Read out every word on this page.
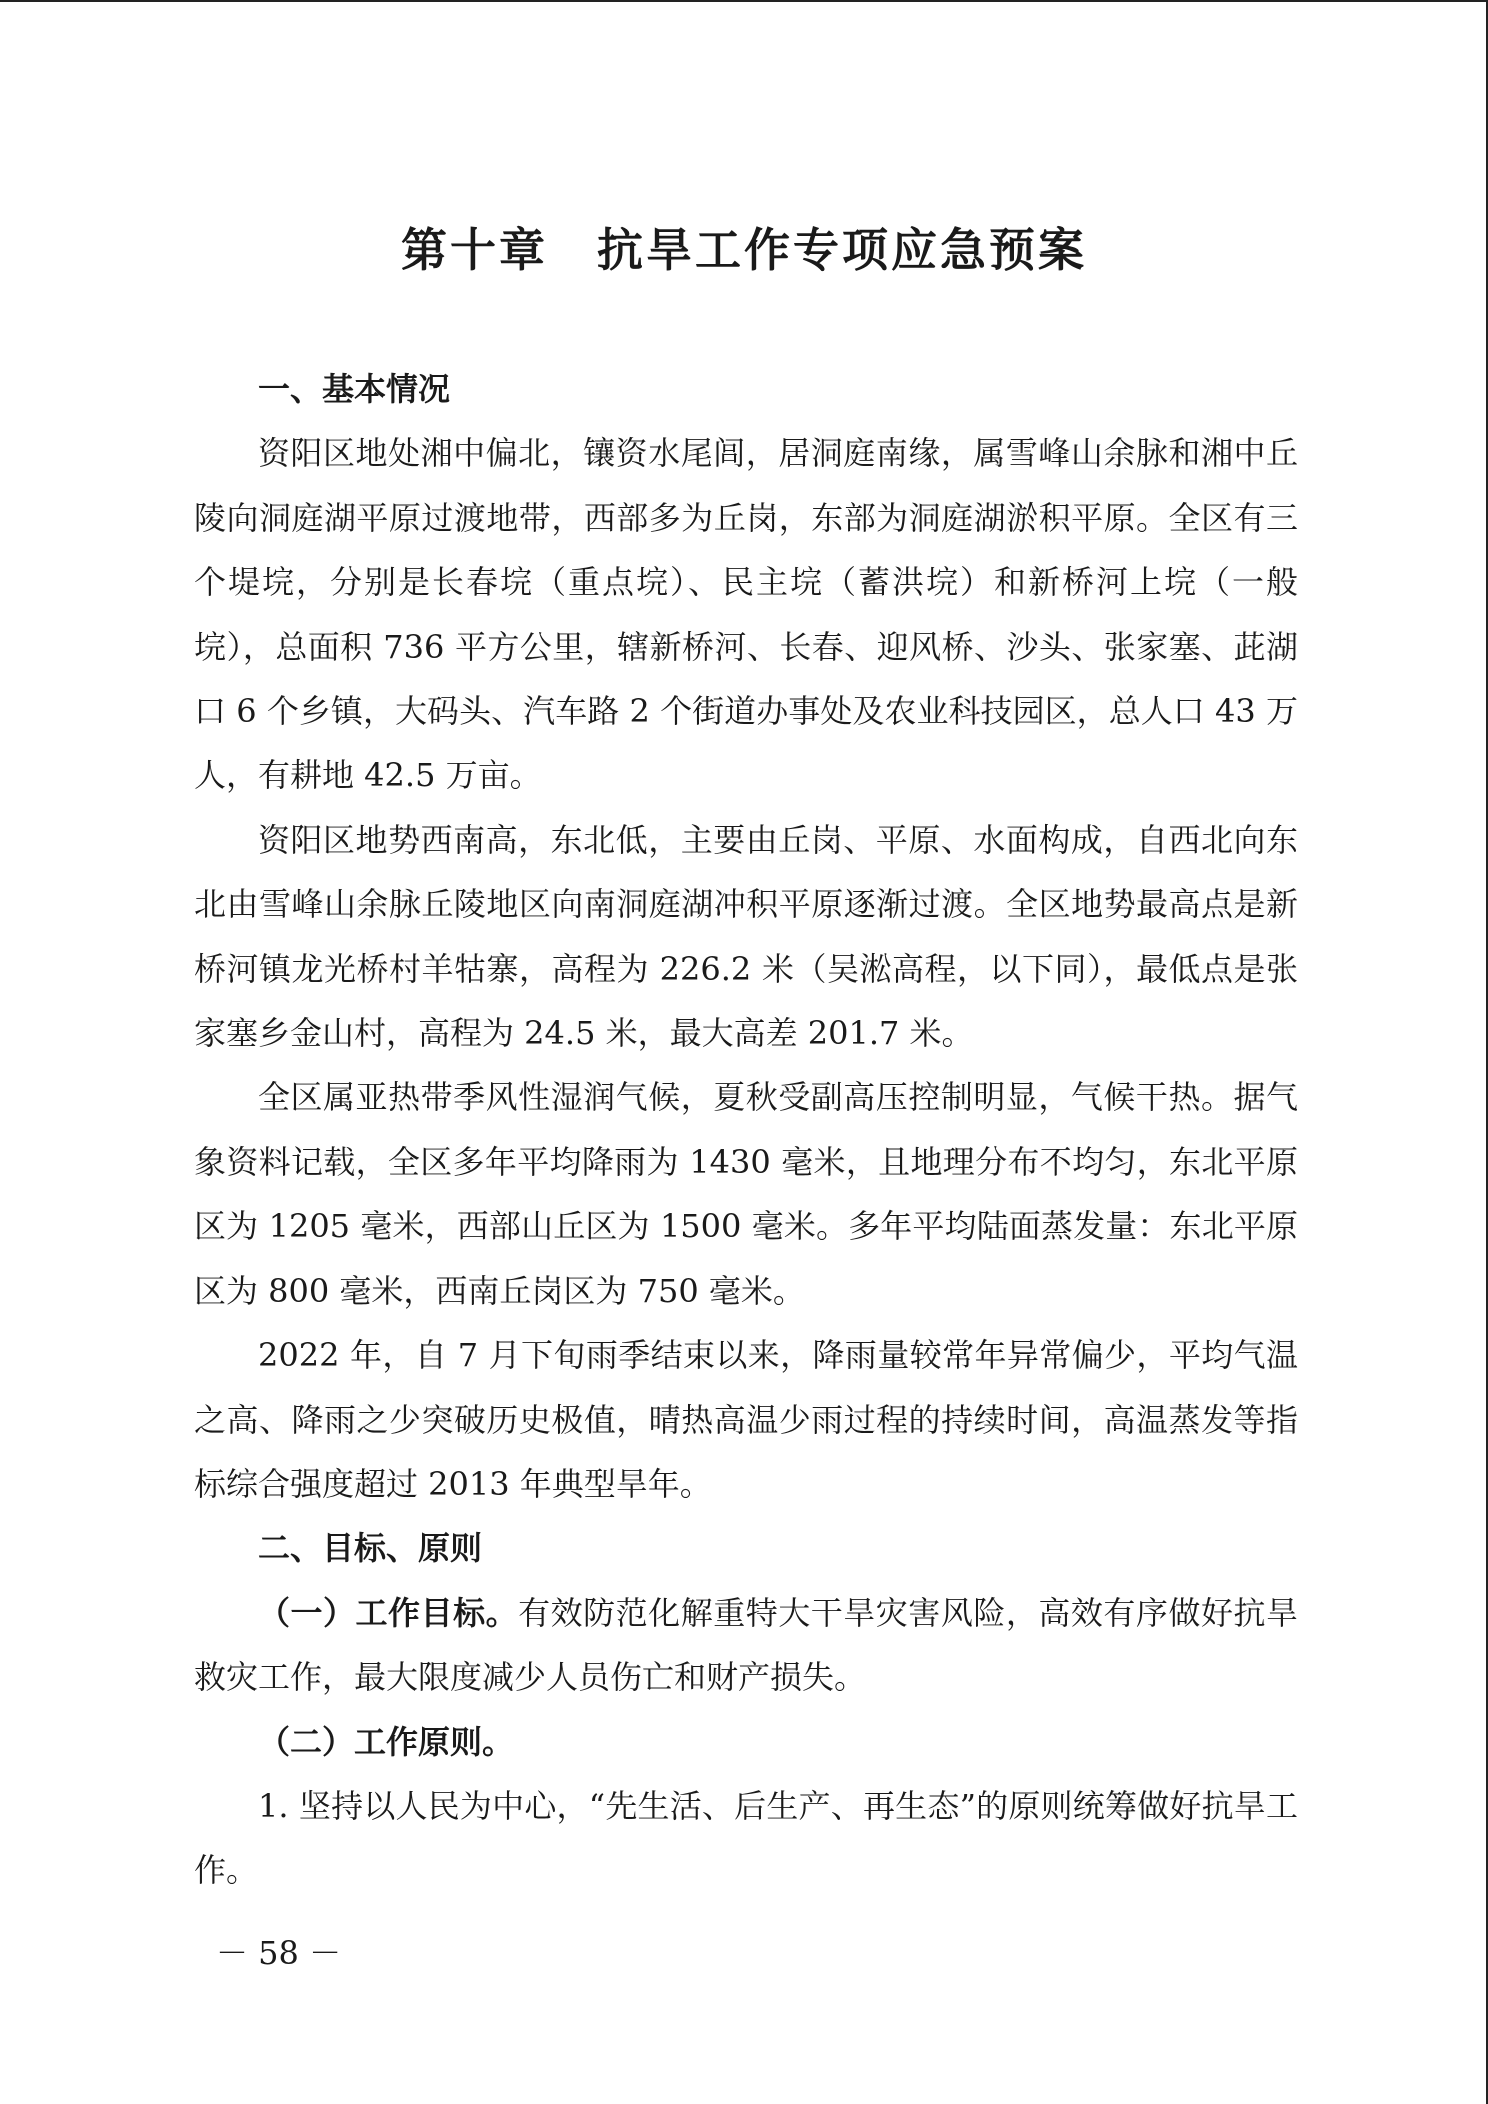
第十章　抗旱工作专项应急预案
一、基本情况

资阳区地处湘中偏北，镶资水尾闾，居洞庭南缘，属雪峰山余脉和湘中丘陵向洞庭湖平原过渡地带，西部多为丘岗，东部为洞庭湖淤积平原。全区有三个堤垸，分别是长春垸（重点垸）、民主垸（蓄洪垸）和新桥河上垸（一般垸），总面积 736 平方公里，辖新桥河、长春、迎风桥、沙头、张家塞、茈湖口 6 个乡镇，大码头、汽车路 2 个街道办事处及农业科技园区，总人口 43 万人，有耕地 42.5 万亩。

资阳区地势西南高，东北低，主要由丘岗、平原、水面构成，自西北向东北由雪峰山余脉丘陵地区向南洞庭湖冲积平原逐渐过渡。全区地势最高点是新桥河镇龙光桥村羊牯寨，高程为 226.2 米（吴淞高程，以下同），最低点是张家塞乡金山村，高程为 24.5 米，最大高差 201.7 米。

全区属亚热带季风性湿润气候，夏秋受副高压控制明显，气候干热。据气象资料记载，全区多年平均降雨为 1430 毫米，且地理分布不均匀，东北平原区为 1205 毫米，西部山丘区为 1500 毫米。多年平均陆面蒸发量：东北平原区为 800 毫米，西南丘岗区为 750 毫米。

2022 年，自 7 月下旬雨季结束以来，降雨量较常年异常偏少，平均气温之高、降雨之少突破历史极值，晴热高温少雨过程的持续时间，高温蒸发等指标综合强度超过 2013 年典型旱年。

二、目标、原则

（一）工作目标。有效防范化解重特大干旱灾害风险，高效有序做好抗旱救灾工作，最大限度减少人员伤亡和财产损失。

（二）工作原则。

1. 坚持以人民为中心，“先生活、后生产、再生态”的原则统筹做好抗旱工作。

－ 58 －
